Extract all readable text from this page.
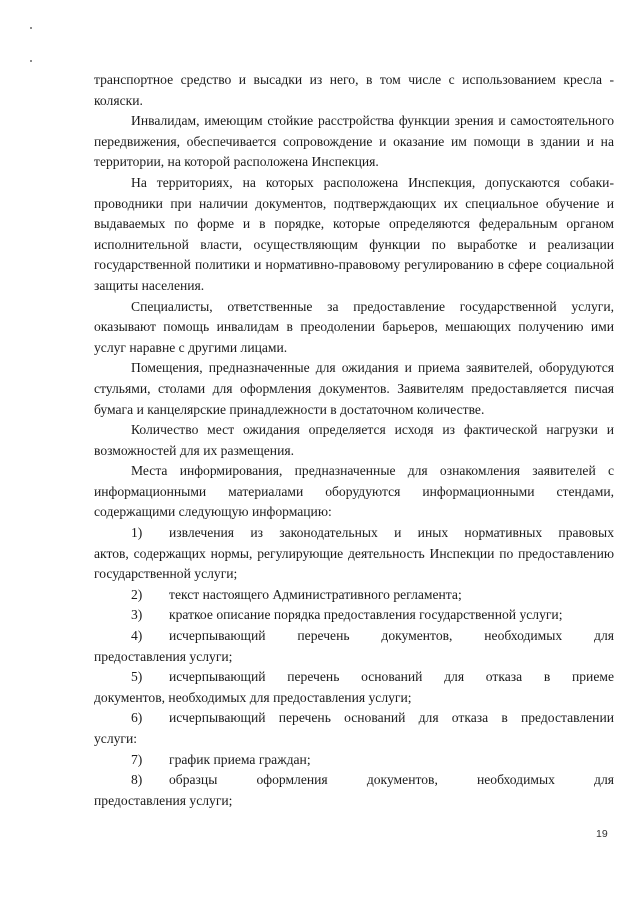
транспортное средство и высадки из него, в том числе с использованием кресла - коляски.

Инвалидам, имеющим стойкие расстройства функции зрения и самостоятельного передвижения, обеспечивается сопровождение и оказание им помощи в здании и на территории, на которой расположена Инспекция.

На территориях, на которых расположена Инспекция, допускаются собаки-проводники при наличии документов, подтверждающих их специальное обучение и выдаваемых по форме и в порядке, которые определяются федеральным органом исполнительной власти, осуществляющим функции по выработке и реализации государственной политики и нормативно-правовому регулированию в сфере социальной защиты населения.

Специалисты, ответственные за предоставление государственной услуги, оказывают помощь инвалидам в преодолении барьеров, мешающих получению ими услуг наравне с другими лицами.

Помещения, предназначенные для ожидания и приема заявителей, оборудуются стульями, столами для оформления документов. Заявителям предоставляется писчая бумага и канцелярские принадлежности в достаточном количестве.

Количество мест ожидания определяется исходя из фактической нагрузки и возможностей для их размещения.

Места информирования, предназначенные для ознакомления заявителей с информационными материалами оборудуются информационными стендами, содержащими следующую информацию:

1)	извлечения из законодательных и иных нормативных правовых
актов, содержащих нормы, регулирующие деятельность Инспекции по предоставлению государственной услуги;
2)	текст настоящего Административного регламента;
3)	краткое описание порядка предоставления государственной услуги;
4)	исчерпывающий перечень документов, необходимых для
предоставления услуги;
5)	исчерпывающий перечень оснований для отказа в приеме
документов, необходимых для предоставления услуги;
6)	исчерпывающий перечень оснований для отказа в предоставлении
услуги:
7)	график приема граждан;
8)	образцы оформления документов, необходимых для
предоставления услуги;
19
